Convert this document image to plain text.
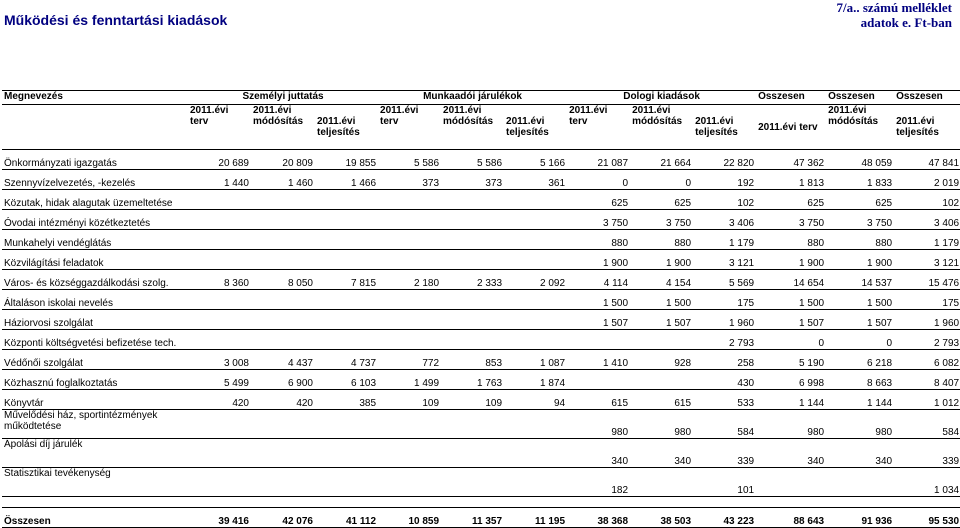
Működési és fenntartási kiadások
7/a.. számú melléklet
adatok e. Ft-ban
Megnevezés	Személyi juttatás			Munkaadói járulékok			Dologi kiadások			Összesen	Összesen	Összesen
	2011.évi terv	2011.évi módósítás	2011.évi teljesítés	2011.évi terv	2011.évi módósítás	2011.évi teljesítés	2011.évi terv	2011.évi módósítás	2011.évi teljesítés	2011.évi terv	2011.évi módósítás	2011.évi teljesítés
Önkormányzati igazgatás	20 689	20 809	19 855	5 586	5 586	5 166	21 087	21 664	22 820	47 362	48 059	47 841
Szennyvízelvezetés, -kezelés	1 440	1 460	1 466	373	373	361	0	0	192	1 813	1 833	2 019
Közutak, hidak alagutak üzemeltetése							625	625	102	625	625	102
Óvodai intézményi közétkeztetés							3 750	3 750	3 406	3 750	3 750	3 406
Munkahelyi vendéglátás							880	880	1 179	880	880	1 179
Közvilágítási feladatok							1 900	1 900	3 121	1 900	1 900	3 121
Város- és községgazdálkodási szolg.	8 360	8 050	7 815	2 180	2 333	2 092	4 114	4 154	5 569	14 654	14 537	15 476
Általáson iskolai nevelés							1 500	1 500	175	1 500	1 500	175
Háziorvosi szolgálat							1 507	1 507	1 960	1 507	1 507	1 960
Központi költségvetési befizetése tech.									2 793	0	0	2 793
Védőnői szolgálat	3 008	4 437	4 737	772	853	1 087	1 410	928	258	5 190	6 218	6 082
Közhasznú foglalkoztatás	5 499	6 900	6 103	1 499	1 763	1 874			430	6 998	8 663	8 407
Könyvtár	420	420	385	109	109	94	615	615	533	1 144	1 144	1 012
Művelődési ház, sportintézmények működtetése							980	980	584	980	980	584
Ápolási díj járulék							340	340	339	340	340	339
Statisztikai tevékenység							182		101			1 034

Összesen	39 416	42 076	41 112	10 859	11 357	11 195	38 368	38 503	43 223	88 643	91 936	95 530
